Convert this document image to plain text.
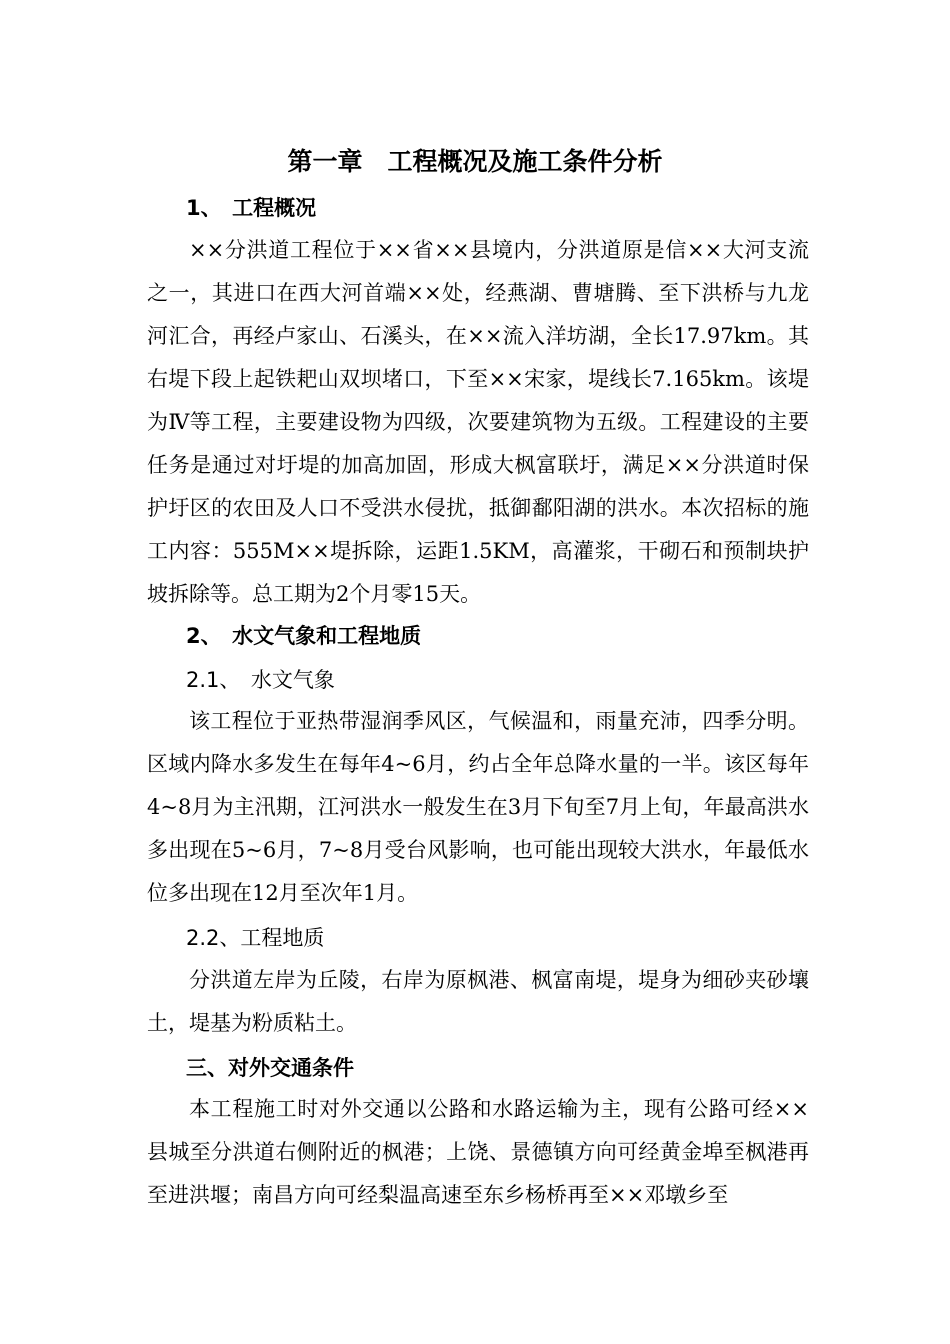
第一章　工程概况及施工条件分析
1、　工程概况

××分洪道工程位于××省××县境内，分洪道原是信××大河支流之一，其进口在西大河首端××处，经燕湖、曹塘腾、至下洪桥与九龙河汇合，再经卢家山、石溪头，在××流入洋坊湖，全长17.97km。其右堤下段上起铁耙山双坝堵口，下至××宋家，堤线长7.165km。该堤为Ⅳ等工程，主要建设物为四级，次要建筑物为五级。工程建设的主要任务是通过对圩堤的加高加固，形成大枫富联圩，满足××分洪道时保护圩区的农田及人口不受洪水侵扰，抵御鄱阳湖的洪水。本次招标的施工内容：555M××堤拆除，运距1.5KM，高灌浆，干砌石和预制块护坡拆除等。总工期为2个月零15天。

2、　水文气象和工程地质
2.1、　水文气象

该工程位于亚热带湿润季风区，气候温和，雨量充沛，四季分明。区域内降水多发生在每年4~6月，约占全年总降水量的一半。该区每年4~8月为主汛期，江河洪水一般发生在3月下旬至7月上旬，年最高洪水多出现在5~6月，7~8月受台风影响，也可能出现较大洪水，年最低水位多出现在12月至次年1月。

2.2、工程地质

分洪道左岸为丘陵，右岸为原枫港、枫富南堤，堤身为细砂夹砂壤土，堤基为粉质粘土。

三、对外交通条件

本工程施工时对外交通以公路和水路运输为主，现有公路可经××县城至分洪道右侧附近的枫港；上饶、景德镇方向可经黄金埠至枫港再至进洪堰；南昌方向可经梨温高速至东乡杨桥再至××邓墩乡至
